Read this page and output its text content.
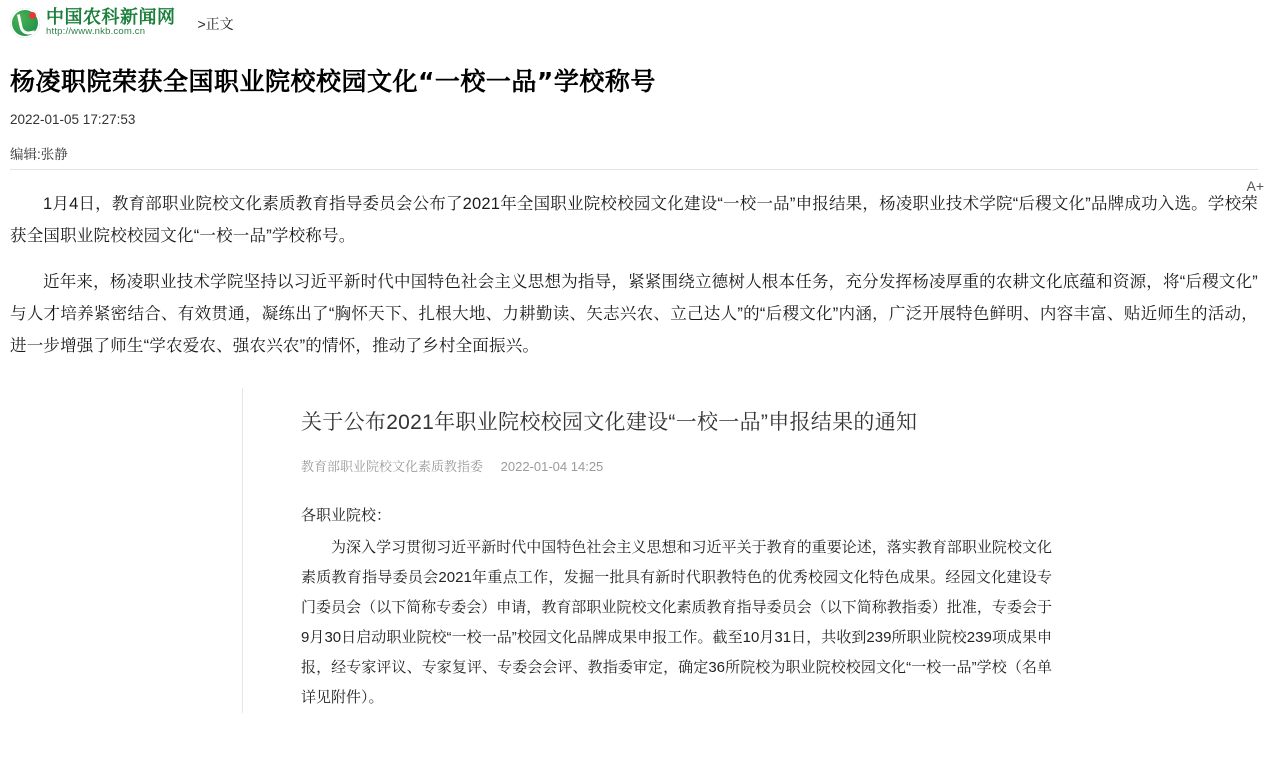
中国农科新闻网
http://www.nkb.com.cn	>正文
杨凌职院荣获全国职业院校校园文化“一校一品”学校称号
2022-01-05 17:27:53
编辑:张静
A+

1月4日，教育部职业院校文化素质教育指导委员会公布了2021年全国职业院校校园文化建设“一校一品”申报结果，杨凌职业技术学院“后稷文化”品牌成功入选。学校荣获全国职业院校校园文化“一校一品”学校称号。

近年来，杨凌职业技术学院坚持以习近平新时代中国特色社会主义思想为指导，紧紧围绕立德树人根本任务，充分发挥杨凌厚重的农耕文化底蕴和资源，将“后稷文化”与人才培养紧密结合、有效贯通，凝练出了“胸怀天下、扎根大地、力耕勤读、矢志兴农、立己达人”的“后稷文化”内涵，广泛开展特色鲜明、内容丰富、贴近师生的活动，进一步增强了师生“学农爱农、强农兴农”的情怀，推动了乡村全面振兴。

关于公布2021年职业院校校园文化建设“一校一品”申报结果的通知
教育部职业院校文化素质教指委 2022-01-04 14:25

各职业院校：

为深入学习贯彻习近平新时代中国特色社会主义思想和习近平关于教育的重要论述，落实教育部职业院校文化素质教育指导委员会2021年重点工作，发掘一批具有新时代职教特色的优秀校园文化特色成果。经园文化建设专门委员会（以下简称专委会）申请，教育部职业院校文化素质教育指导委员会（以下简称教指委）批准，专委会于9月30日启动职业院校“一校一品”校园文化品牌成果申报工作。截至10月31日，共收到239所职业院校239项成果申报，经专家评议、专家复评、专委会会评、教指委审定，确定36所院校为职业院校校园文化“一校一品”学校（名单详见附件）。
